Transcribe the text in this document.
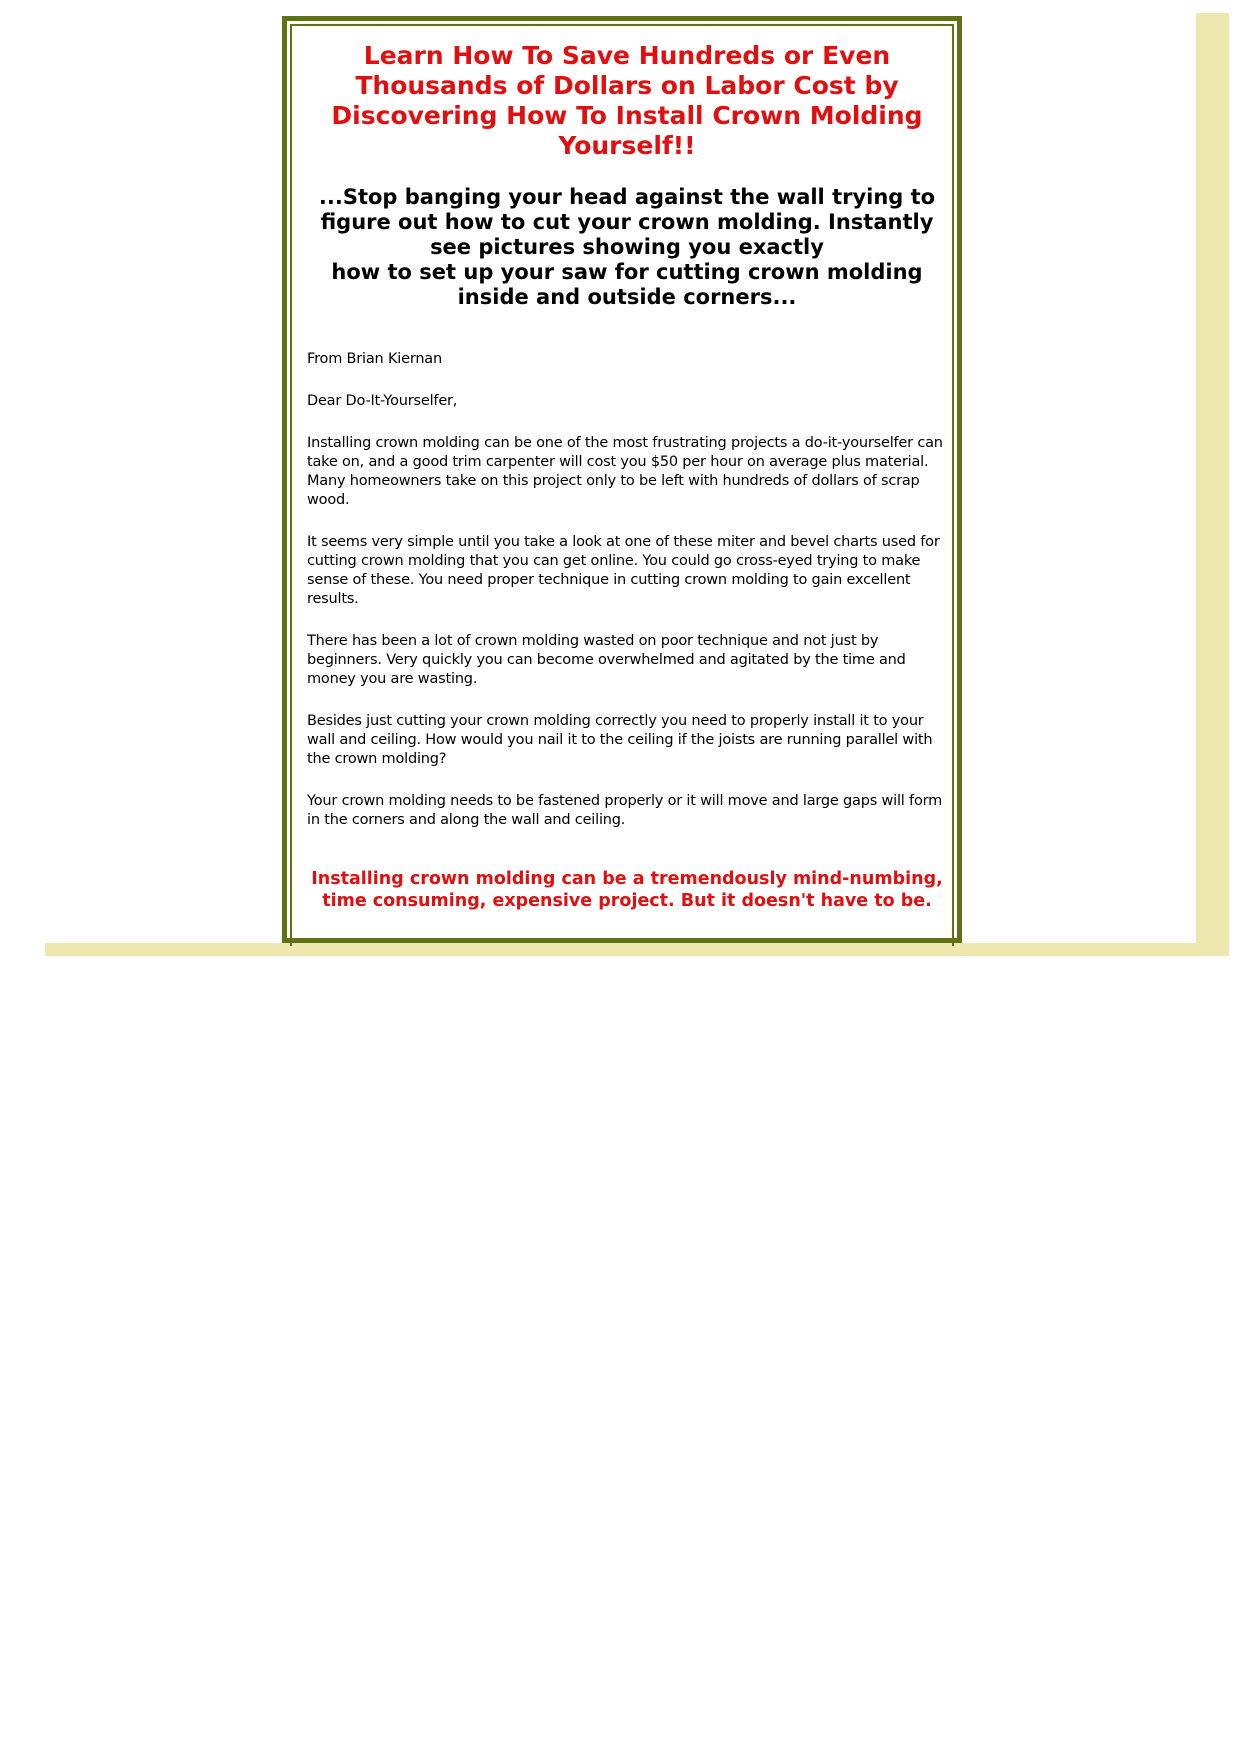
Learn How To Save Hundreds or Even Thousands of Dollars on Labor Cost by Discovering How To Install Crown Molding Yourself!!
...Stop banging your head against the wall trying to figure out how to cut your crown molding. Instantly see pictures showing you exactly
how to set up your saw for cutting crown molding inside and outside corners...

From Brian Kiernan

Dear Do-It-Yourselfer,

Installing crown molding can be one of the most frustrating projects a do-it-yourselfer can take on, and a good trim carpenter will cost you $50 per hour on average plus material. Many homeowners take on this project only to be left with hundreds of dollars of scrap wood.

It seems very simple until you take a look at one of these miter and bevel charts used for cutting crown molding that you can get online. You could go cross-eyed trying to make sense of these. You need proper technique in cutting crown molding to gain excellent results.

There has been a lot of crown molding wasted on poor technique and not just by beginners. Very quickly you can become overwhelmed and agitated by the time and money you are wasting.

Besides just cutting your crown molding correctly you need to properly install it to your wall and ceiling. How would you nail it to the ceiling if the joists are running parallel with the crown molding?

Your crown molding needs to be fastened properly or it will move and large gaps will form in the corners and along the wall and ceiling.

Installing crown molding can be a tremendously mind-numbing, time consuming, expensive project. But it doesn't have to be.
